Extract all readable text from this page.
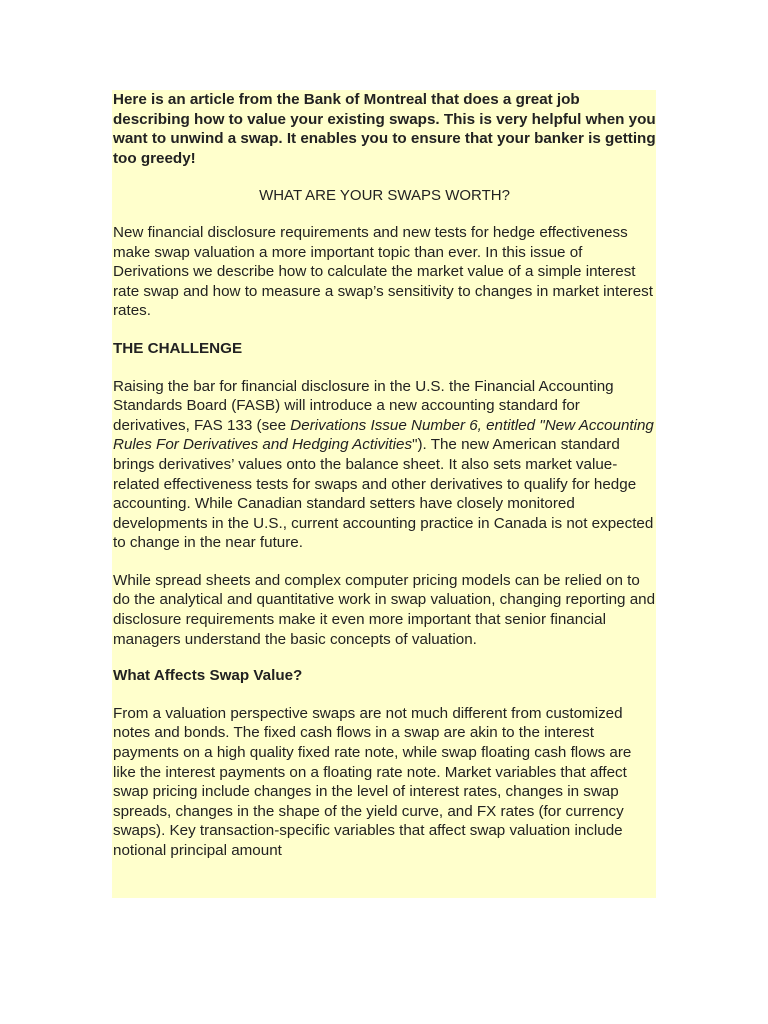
Here is an article from the Bank of Montreal that does a great job describing how to value your existing swaps. This is very helpful when you want to unwind a swap. It enables you to ensure that your banker is getting too greedy!

WHAT ARE YOUR SWAPS WORTH?

New financial disclosure requirements and new tests for hedge effectiveness make swap valuation a more important topic than ever. In this issue of Derivations we describe how to calculate the market value of a simple interest rate swap and how to measure a swap’s sensitivity to changes in market interest rates.

THE CHALLENGE

Raising the bar for financial disclosure in the U.S. the Financial Accounting Standards Board (FASB) will introduce a new accounting standard for derivatives, FAS 133 (see Derivations Issue Number 6, entitled "New Accounting Rules For Derivatives and Hedging Activities"). The new American standard brings derivatives’ values onto the balance sheet. It also sets market value-related effectiveness tests for swaps and other derivatives to qualify for hedge accounting. While Canadian standard setters have closely monitored developments in the U.S., current accounting practice in Canada is not expected to change in the near future.

While spread sheets and complex computer pricing models can be relied on to do the analytical and quantitative work in swap valuation, changing reporting and disclosure requirements make it even more important that senior financial managers understand the basic concepts of valuation.

What Affects Swap Value?

From a valuation perspective swaps are not much different from customized notes and bonds. The fixed cash flows in a swap are akin to the interest payments on a high quality fixed rate note, while swap floating cash flows are like the interest payments on a floating rate note. Market variables that affect swap pricing include changes in the level of interest rates, changes in swap spreads, changes in the shape of the yield curve, and FX rates (for currency swaps). Key transaction-specific variables that affect swap valuation include notional principal amount
